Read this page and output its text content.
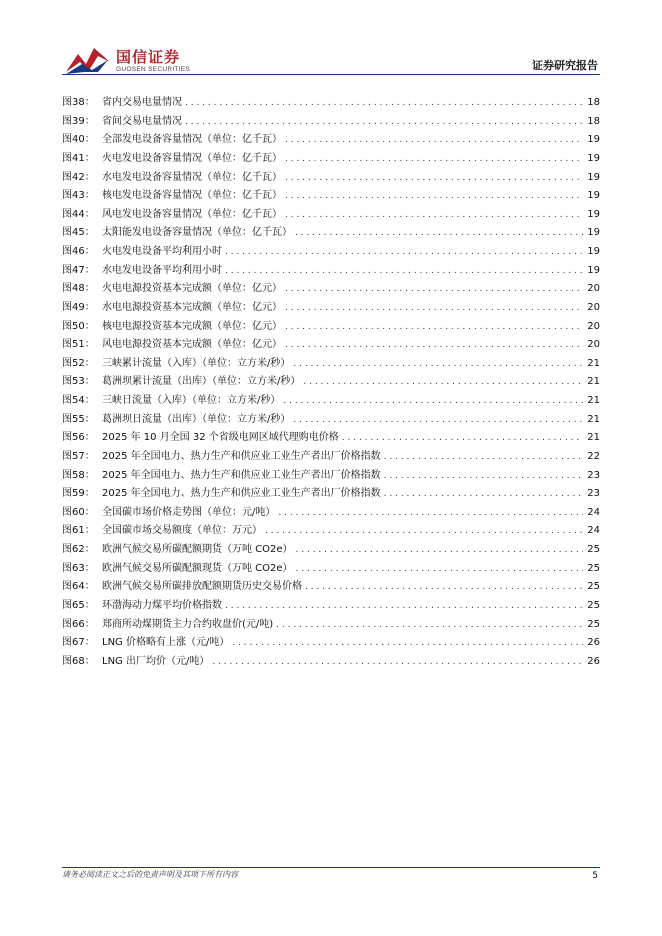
国信证券
GUOSEN SECURITIES	证券研究报告
图38： 省内交易电量情况 . . .	18
图39： 省间交易电量情况 . . .	18
图40： 全部发电设备容量情况（单位：亿千瓦） . . .	19
图41： 火电发电设备容量情况（单位：亿千瓦） . . .	19
图42： 水电发电设备容量情况（单位：亿千瓦） . . .	19
图43： 核电发电设备容量情况（单位：亿千瓦） . . .	19
图44： 风电发电设备容量情况（单位：亿千瓦） . . .	19
图45： 太阳能发电设备容量情况（单位：亿千瓦） . . .	19
图46： 火电发电设备平均利用小时 . . .	19
图47： 水电发电设备平均利用小时 . . .	19
图48： 火电电源投资基本完成额（单位：亿元） . . .	20
图49： 水电电源投资基本完成额（单位：亿元） . . .	20
图50： 核电电源投资基本完成额（单位：亿元） . . .	20
图51： 风电电源投资基本完成额（单位：亿元） . . .	20
图52： 三峡累计流量（入库）（单位：立方米/秒） . . .	21
图53： 葛洲坝累计流量（出库）（单位：立方米/秒） . . .	21
图54： 三峡日流量（入库）（单位：立方米/秒） . . .	21
图55： 葛洲坝日流量（出库）（单位：立方米/秒） . . .	21
图56： 2025 年 10 月全国 32 个省级电网区域代理购电价格 . . .	21
图57： 2025 年全国电力、热力生产和供应业工业生产者出厂价格指数 . . .	22
图58： 2025 年全国电力、热力生产和供应业工业生产者出厂价格指数 . . .	23
图59： 2025 年全国电力、热力生产和供应业工业生产者出厂价格指数 . . .	23
图60： 全国碳市场价格走势图（单位：元/吨） . . .	24
图61： 全国碳市场交易额度（单位：万元） . . .	24
图62： 欧洲气候交易所碳配额期货（万吨 CO2e） . . .	25
图63： 欧洲气候交易所碳配额现货（万吨 CO2e） . . .	25
图64： 欧洲气候交易所碳排放配额期货历史交易价格 . . .	25
图65： 环渤海动力煤平均价格指数 . . .	25
图66： 郑商所动煤期货主力合约收盘价(元/吨) . . .	25
图67： LNG 价格略有上涨（元/吨） . . .	26
图68： LNG 出厂均价（元/吨） . . .	26
请务必阅读正文之后的免责声明及其项下所有内容	5
